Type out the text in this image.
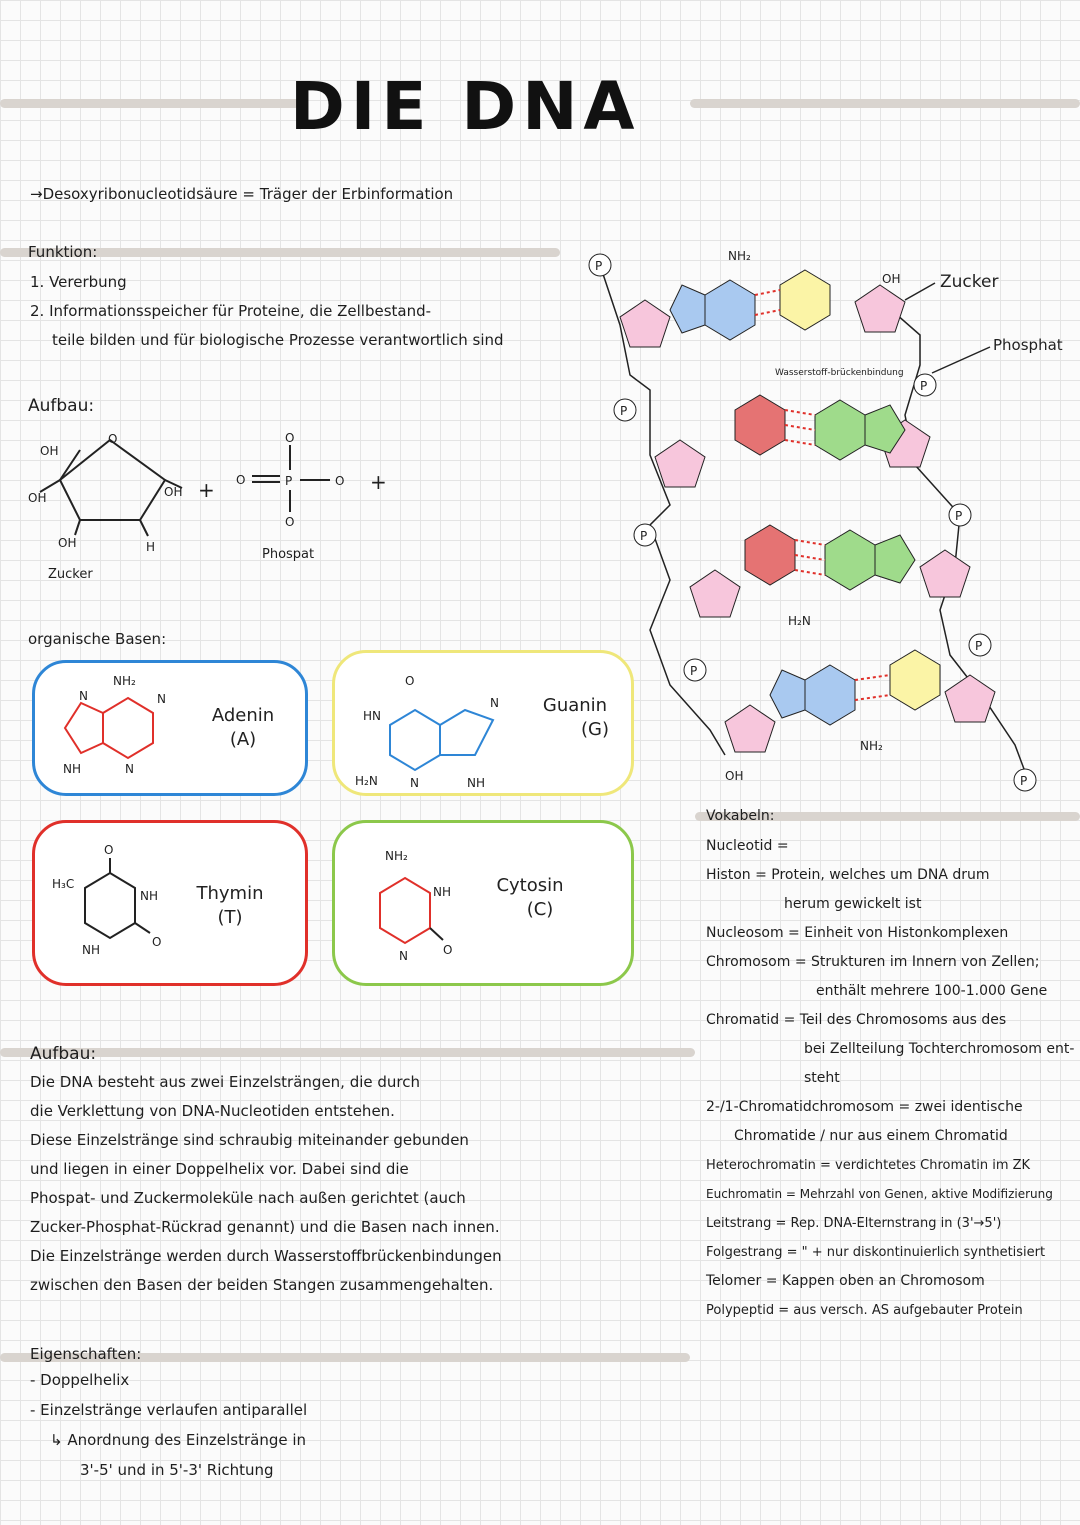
DIE DNA
→Desoxyribonucleotidsäure = Träger der Erbinformation
Funktion:
1. Vererbung
2. Informationsspeicher für Proteine, die Zellbestand-
teile bilden und für biologische Prozesse verantwortlich sind
Aufbau:
OH
O
OH
OH	H
OH +
Zucker
O
O	P	O
O
+
Phospat
organische Basen:
NH₂
N
N
NH	N
Adenin
(A)
O
HN
H₂N	N	NH
N	Guanin
(G)
O
H₃C
NH
NH
O
Thymin
(T)
NH₂
NH
N	O
Cytosin
(C)
Aufbau:
Die DNA besteht aus zwei Einzelsträngen, die durch
die Verklettung von DNA-Nucleotiden entstehen.
Diese Einzelstränge sind schraubig miteinander gebunden
und liegen in einer Doppelhelix vor. Dabei sind die
Phospat- und Zuckermoleküle nach außen gerichtet (auch
Zucker-Phosphat-Rückrad genannt) und die Basen nach innen.
Die Einzelstränge werden durch Wasserstoffbrückenbindungen
zwischen den Basen der beiden Stangen zusammengehalten.
Eigenschaften:
- Doppelhelix
- Einzelstränge verlaufen antiparallel
↳ Anordnung des Einzelstränge in
3'-5' und in 5'-3' Richtung
P
P
P
P
P
P
P
P
Wasserstoff-brückenbindung
NH₂
H₂N
NH₂
OH
OH
Zucker
Phosphat
Vokabeln:
Nucleotid =
Histon = Protein, welches um DNA drum
herum gewickelt ist
Nucleosom = Einheit von Histonkomplexen
Chromosom = Strukturen im Innern von Zellen;
enthält mehrere 100-1.000 Gene
Chromatid = Teil des Chromosoms aus des
bei Zellteilung Tochterchromosom ent-
steht
2-/1-Chromatidchromosom = zwei identische
Chromatide / nur aus einem Chromatid
Heterochromatin = verdichtetes Chromatin im ZK
Euchromatin = Mehrzahl von Genen, aktive Modifizierung
Leitstrang = Rep. DNA-Elternstrang in (3'→5')
Folgestrang = " + nur diskontinuierlich synthetisiert
Telomer = Kappen oben an Chromosom
Polypeptid = aus versch. AS aufgebauter Protein
